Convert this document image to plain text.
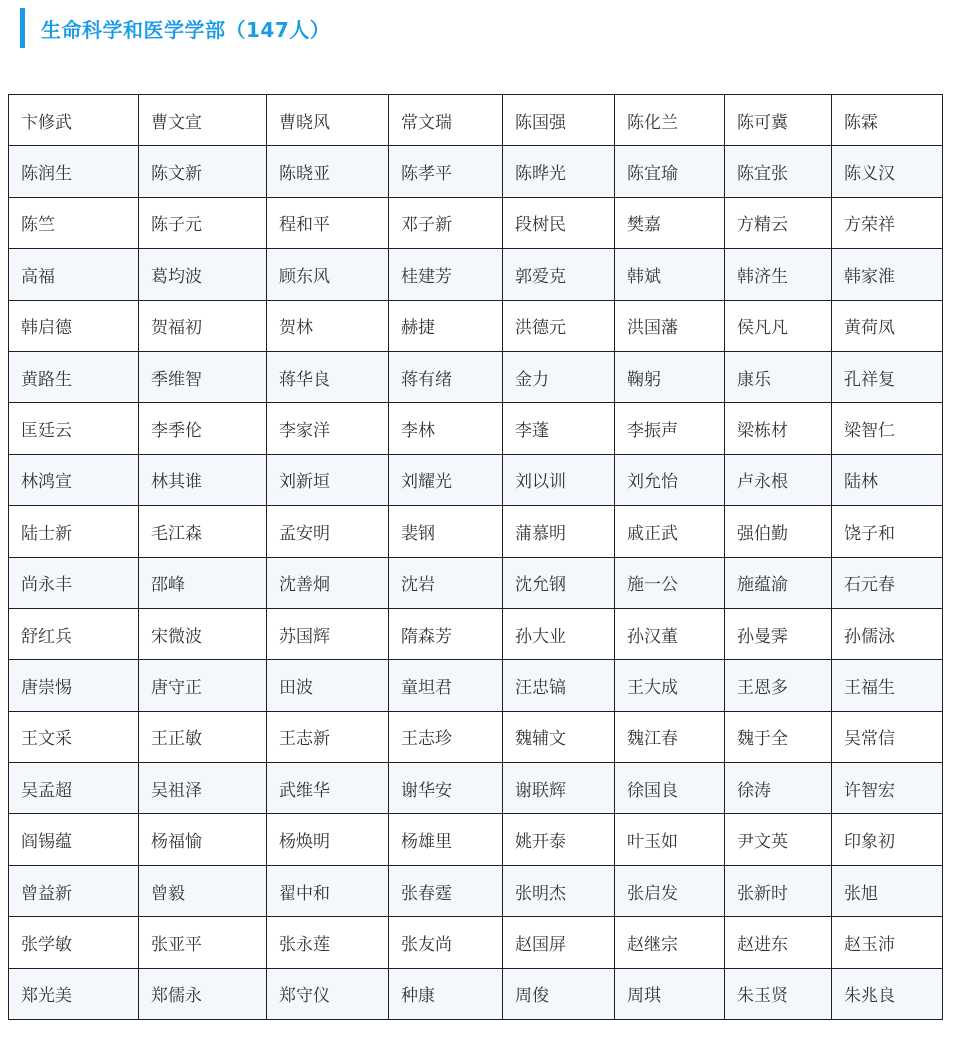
生命科学和医学学部（147人）
卞修武	曹文宣	曹晓风	常文瑞	陈国强	陈化兰	陈可冀	陈霖
陈润生	陈文新	陈晓亚	陈孝平	陈晔光	陈宜瑜	陈宜张	陈义汉
陈竺	陈子元	程和平	邓子新	段树民	樊嘉	方精云	方荣祥
高福	葛均波	顾东风	桂建芳	郭爱克	韩斌	韩济生	韩家淮
韩启德	贺福初	贺林	赫捷	洪德元	洪国藩	侯凡凡	黄荷凤
黄路生	季维智	蒋华良	蒋有绪	金力	鞠躬	康乐	孔祥复
匡廷云	李季伦	李家洋	李林	李蓬	李振声	梁栋材	梁智仁
林鸿宣	林其谁	刘新垣	刘耀光	刘以训	刘允怡	卢永根	陆林
陆士新	毛江森	孟安明	裴钢	蒲慕明	戚正武	强伯勤	饶子和
尚永丰	邵峰	沈善炯	沈岩	沈允钢	施一公	施蕴渝	石元春
舒红兵	宋微波	苏国辉	隋森芳	孙大业	孙汉董	孙曼霁	孙儒泳
唐崇惕	唐守正	田波	童坦君	汪忠镐	王大成	王恩多	王福生
王文采	王正敏	王志新	王志珍	魏辅文	魏江春	魏于全	吴常信
吴孟超	吴祖泽	武维华	谢华安	谢联辉	徐国良	徐涛	许智宏
阎锡蕴	杨福愉	杨焕明	杨雄里	姚开泰	叶玉如	尹文英	印象初
曾益新	曾毅	翟中和	张春霆	张明杰	张启发	张新时	张旭
张学敏	张亚平	张永莲	张友尚	赵国屏	赵继宗	赵进东	赵玉沛
郑光美	郑儒永	郑守仪	种康	周俊	周琪	朱玉贤	朱兆良
